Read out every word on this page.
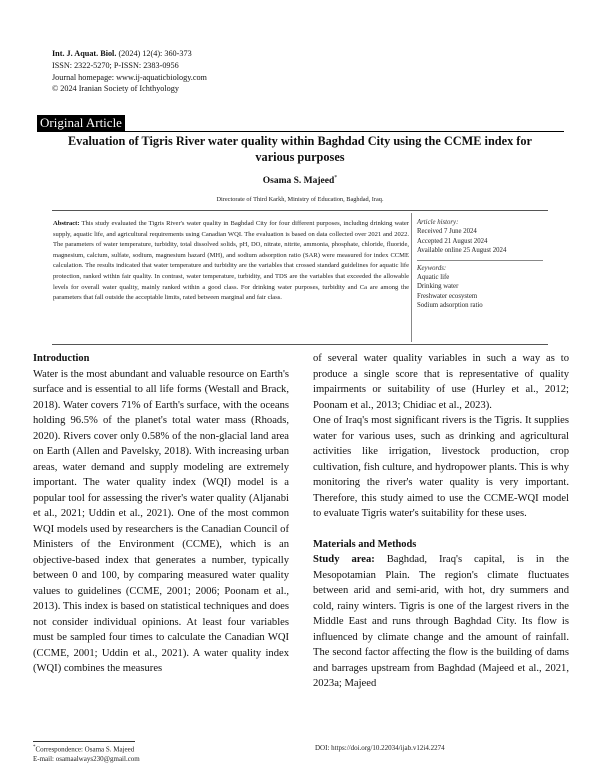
Int. J. Aquat. Biol. (2024) 12(4): 360-373
ISSN: 2322-5270; P-ISSN: 2383-0956
Journal homepage: www.ij-aquaticbiology.com
© 2024 Iranian Society of Ichthyology
Original Article
Evaluation of Tigris River water quality within Baghdad City using the CCME index for various purposes
Osama S. Majeed*
Directorate of Third Karkh, Ministry of Education, Baghdad, Iraq.
Abstract: This study evaluated the Tigris River's water quality in Baghdad City for four different purposes, including drinking water supply, aquatic life, and agricultural requirements using Canadian WQI. The evaluation is based on data collected over 2021 and 2022. The parameters of water temperature, turbidity, total dissolved solids, pH, DO, nitrate, nitrite, ammonia, phosphate, chloride, fluoride, magnesium, calcium, sulfate, sodium, magnesium hazard (MH), and sodium adsorption ratio (SAR) were measured for index CCME calculation. The results indicated that water temperature and turbidity are the variables that crossed standard guidelines for aquatic life protection, ranked within fair quality. In contrast, water temperature, turbidity, and TDS are the variables that exceeded the allowable levels for overall water quality, mainly ranked within a good class. For drinking water purposes, turbidity and Ca are among the parameters that fall outside the acceptable limits, rated between marginal and fair class.
Article history:
Received 7 June 2024
Accepted 21 August 2024
Available online 25 August 2024
Keywords:
Aquatic life
Drinking water
Freshwater ecosystem
Sodium adsorption ratio
Introduction

Water is the most abundant and valuable resource on Earth's surface and is essential to all life forms (Westall and Brack, 2018). Water covers 71% of Earth's surface, with the oceans holding 96.5% of the planet's total water mass (Rhoads, 2020). Rivers cover only 0.58% of the non-glacial land area on Earth (Allen and Pavelsky, 2018). With increasing urban areas, water demand and supply modeling are extremely important. The water quality index (WQI) model is a popular tool for assessing the river's water quality (Aljanabi et al., 2021; Uddin et al., 2021). One of the most common WQI models used by researchers is the Canadian Council of Ministers of the Environment (CCME), which is an objective-based index that generates a number, typically between 0 and 100, by comparing measured water quality values to guidelines (CCME, 2001; 2006; Poonam et al., 2013). This index is based on statistical techniques and does not consider individual opinions. At least four variables must be sampled four times to calculate the Canadian WQI (CCME, 2001; Uddin et al., 2021). A water quality index (WQI) combines the measures

of several water quality variables in such a way as to produce a single score that is representative of quality impairments or suitability of use (Hurley et al., 2012; Poonam et al., 2013; Chidiac et al., 2023).

One of Iraq's most significant rivers is the Tigris. It supplies water for various uses, such as drinking and agricultural activities like irrigation, livestock production, crop cultivation, fish culture, and hydropower plants. This is why monitoring the river's water quality is very important. Therefore, this study aimed to use the CCME-WQI model to evaluate Tigris water's suitability for these uses.

Materials and Methods

Study area: Baghdad, Iraq's capital, is in the Mesopotamian Plain. The region's climate fluctuates between arid and semi-arid, with hot, dry summers and cold, rainy winters. Tigris is one of the largest rivers in the Middle East and runs through Baghdad City. Its flow is influenced by climate change and the amount of rainfall. The second factor affecting the flow is the building of dams and barrages upstream from Baghdad (Majeed et al., 2021, 2023a; Majeed

*Correspondence: Osama S. Majeed
E-mail: osamaalways230@gmail.com
DOI: https://doi.org/10.22034/ijab.v12i4.2274
